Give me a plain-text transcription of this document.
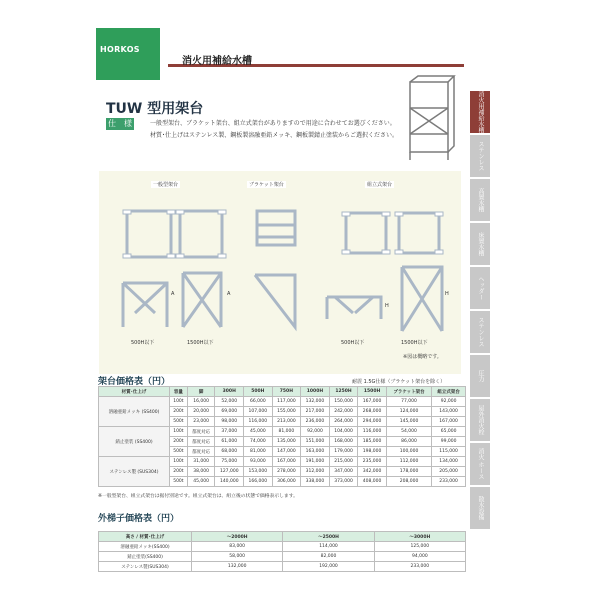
HORKOS
消火用補給水槽
TUW 型用架台
仕　様	一般型架台、ブラケット架台、組立式架台がありますので用途に合わせてお選びください。
材質･仕上げはステンレス製、鋼板製溶融亜鉛メッキ、鋼板製錆止塗装からご選択ください。
消火用補給水槽
ステンレス
高置水槽
床置水槽
ヘッダー
ステンレス
圧力
屋外消火栓
消火 ホース
散水設備
一般型架台	ブラケット架台	組立式架台
500H以下	1500H以下	500H以下	1500H以下
※図は概略です。
A	A
H
H
架台価格表（円）	耐震 1.5G仕様（ブラケット架台を除く）
材質･仕上げ	容量	脚	300H	500H	750H	1000H	1250H	1500H	ブラケット架台	組立式架台
溶融亜鉛メッキ (SS400)	100t	16,000	52,000	66,000	117,000	132,000	150,000	167,000	77,000	92,000
	200t	20,000	69,000	107,000	155,000	217,000	242,000	268,000	124,000	143,000
	500t	23,000	98,000	116,000	213,000	236,000	264,000	294,000	145,000	167,000
錆止塗装 (SS400)	100t	都度対応	37,000	45,000	81,000	92,000	104,000	116,000	54,000	65,000
	200t	都度対応	61,000	74,000	135,000	151,000	168,000	185,000	86,000	99,000
	500t	都度対応	68,000	81,000	147,000	163,000	179,000	198,000	100,000	115,000
ステンレス製 (SUS304)	100t	31,000	75,000	93,000	167,000	191,000	215,000	235,000	112,000	134,000
	200t	38,000	127,000	153,000	278,000	312,000	347,000	342,000	178,000	205,000
	500t	45,000	140,000	166,000	306,000	338,000	373,000	408,000	208,000	233,000
※一般型架台、組立式架台は据付別途です。組立式架台は、組立後の状態で価格表示します。
外梯子価格表（円）
高さ / 材質･仕上げ	～2000H	～2500H	～3000H
溶融亜鉛メッキ(SS400)	83,000	114,000	125,000
錆止塗装(SS400)	58,000	82,000	94,000
ステンレス製(SUS304)	132,000	192,000	233,000
